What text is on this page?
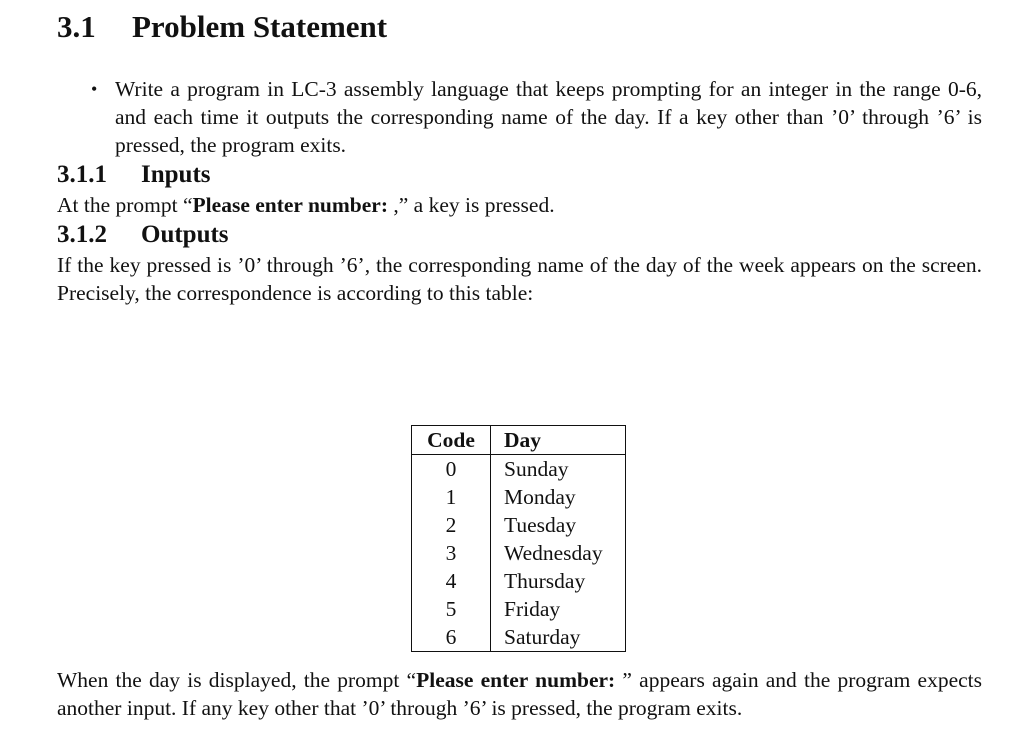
3.1	Problem Statement
• Write a program in LC-3 assembly language that keeps prompting for an integer in the range 0-6, and each time it outputs the corresponding name of the day. If a key other than ’0’ through ’6’ is pressed, the program exits.
3.1.1	Inputs

At the prompt “Please enter number: ,” a key is pressed.

3.1.2	Outputs

If the key pressed is ’0’ through ’6’, the corresponding name of the day of the week appears on the screen. Precisely, the correspondence is according to this table:

Code	Day
0	Sunday
1	Monday
2	Tuesday
3	Wednesday
4	Thursday
5	Friday
6	Saturday

When the day is displayed, the prompt “Please enter number: ” appears again and the program expects another input. If any key other that ’0’ through ’6’ is pressed, the program exits.
